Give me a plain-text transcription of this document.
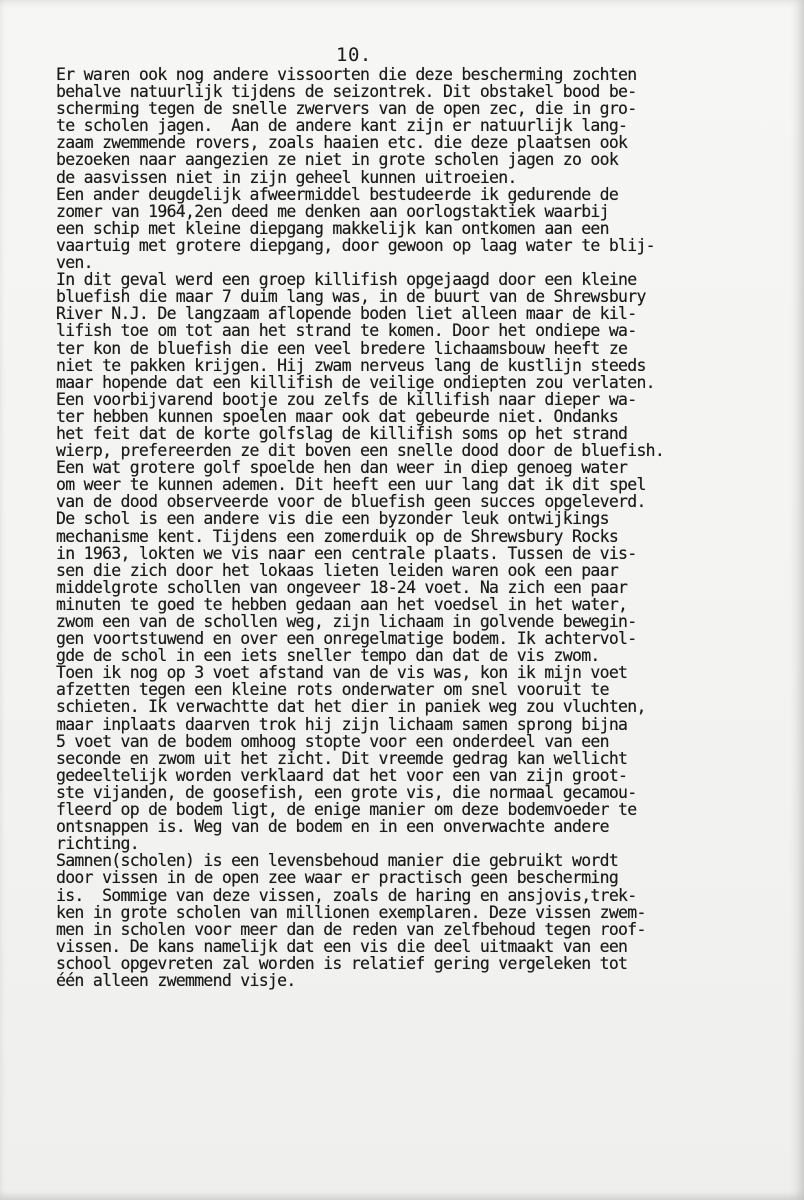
10.
Er waren ook nog andere vissoorten die deze bescherming zochten
behalve natuurlijk tijdens de seizontrek. Dit obstakel bood be-
scherming tegen de snelle zwervers van de open zec, die in gro-
te scholen jagen.  Aan de andere kant zijn er natuurlijk lang-
zaam zwemmende rovers, zoals haaien etc. die deze plaatsen ook
bezoeken naar aangezien ze niet in grote scholen jagen zo ook
de aasvissen niet in zijn geheel kunnen uitroeien.
Een ander deugdelijk afweermiddel bestudeerde ik gedurende de
zomer van 1964,2en deed me denken aan oorlogstaktiek waarbij
een schip met kleine diepgang makkelijk kan ontkomen aan een
vaartuig met grotere diepgang, door gewoon op laag water te blij-
ven.
In dit geval werd een groep killifish opgejaagd door een kleine
bluefish die maar 7 duim lang was, in de buurt van de Shrewsbury
River N.J. De langzaam aflopende boden liet alleen maar de kil-
lifish toe om tot aan het strand te komen. Door het ondiepe wa-
ter kon de bluefish die een veel bredere lichaamsbouw heeft ze
niet te pakken krijgen. Hij zwam nerveus lang de kustlijn steeds
maar hopende dat een killifish de veilige ondiepten zou verlaten.
Een voorbijvarend bootje zou zelfs de killifish naar dieper wa-
ter hebben kunnen spoelen maar ook dat gebeurde niet. Ondanks
het feit dat de korte golfslag de killifish soms op het strand
wierp, prefereerden ze dit boven een snelle dood door de bluefish.
Een wat grotere golf spoelde hen dan weer in diep genoeg water
om weer te kunnen ademen. Dit heeft een uur lang dat ik dit spel
van de dood observeerde voor de bluefish geen succes opgeleverd.
De schol is een andere vis die een byzonder leuk ontwijkings
mechanisme kent. Tijdens een zomerduik op de Shrewsbury Rocks
in 1963, lokten we vis naar een centrale plaats. Tussen de vis-
sen die zich door het lokaas lieten leiden waren ook een paar
middelgrote schollen van ongeveer 18-24 voet. Na zich een paar
minuten te goed te hebben gedaan aan het voedsel in het water,
zwom een van de schollen weg, zijn lichaam in golvende bewegin-
gen voortstuwend en over een onregelmatige bodem. Ik achtervol-
gde de schol in een iets sneller tempo dan dat de vis zwom.
Toen ik nog op 3 voet afstand van de vis was, kon ik mijn voet
afzetten tegen een kleine rots onderwater om snel vooruit te
schieten. Ik verwachtte dat het dier in paniek weg zou vluchten,
maar inplaats daarven trok hij zijn lichaam samen sprong bijna
5 voet van de bodem omhoog stopte voor een onderdeel van een
seconde en zwom uit het zicht. Dit vreemde gedrag kan wellicht
gedeeltelijk worden verklaard dat het voor een van zijn groot-
ste vijanden, de goosefish, een grote vis, die normaal gecamou-
fleerd op de bodem ligt, de enige manier om deze bodemvoeder te
ontsnappen is. Weg van de bodem en in een onverwachte andere
richting.
Samnen(scholen) is een levensbehoud manier die gebruikt wordt
door vissen in de open zee waar er practisch geen bescherming
is.  Sommige van deze vissen, zoals de haring en ansjovis,trek-
ken in grote scholen van millionen exemplaren. Deze vissen zwem-
men in scholen voor meer dan de reden van zelfbehoud tegen roof-
vissen. De kans namelijk dat een vis die deel uitmaakt van een
school opgevreten zal worden is relatief gering vergeleken tot
één alleen zwemmend visje.
